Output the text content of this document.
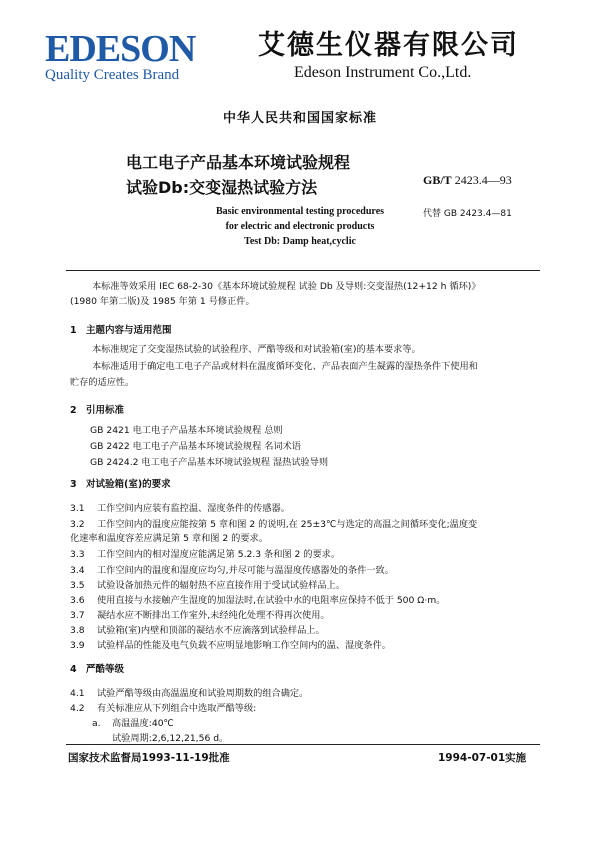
EDESON
Quality Creates Brand
艾德生仪器有限公司
Edeson Instrument Co.,Ltd.
中华人民共和国国家标准
电工电子产品基本环境试验规程
试验Db:交变湿热试验方法	GB/T 2423.4—93
Basic environmental testing procedures
for electric and electronic products
Test Db: Damp heat,cyclic
代替 GB 2423.4—81
本标准等效采用 IEC 68-2-30《基本环境试验规程 试验 Db 及导则:交变湿热(12+12 h 循环)》
(1980 年第二版)及 1985 年第 1 号修正件。
1 主题内容与适用范围
本标准规定了交变湿热试验的试验程序、严酷等级和对试验箱(室)的基本要求等。
本标准适用于确定电工电子产品或材料在温度循环变化、产品表面产生凝露的湿热条件下使用和
贮存的适应性。
2 引用标准
GB 2421 电工电子产品基本环境试验规程 总则
GB 2422 电工电子产品基本环境试验规程 名词术语
GB 2424.2 电工电子产品基本环境试验规程 湿热试验导则
3 对试验箱(室)的要求
3.1 工作空间内应装有监控温、湿度条件的传感器。
3.2 工作空间内的温度应能按第 5 章和图 2 的说明,在 25±3℃与选定的高温之间循环变化;温度变
化速率和温度容差应满足第 5 章和图 2 的要求。
3.3 工作空间内的相对湿度应能满足第 5.2.3 条和图 2 的要求。
3.4 工作空间内的温度和湿度应均匀,并尽可能与温湿度传感器处的条件一致。
3.5 试验设备加热元件的辐射热不应直接作用于受试试验样品上。
3.6 使用直接与水接触产生湿度的加湿法时,在试验中水的电阻率应保持不低于 500 Ω·m。
3.7 凝结水应不断排出工作室外,未经纯化处理不得再次使用。
3.8 试验箱(室)内壁和顶部的凝结水不应滴落到试验样品上。
3.9 试验样品的性能及电气负载不应明显地影响工作空间内的温、湿度条件。
4 严酷等级
4.1 试验严酷等级由高温温度和试验周期数的组合确定。
4.2 有关标准应从下列组合中选取严酷等级:
a. 高温温度:40℃
试验周期:2,6,12,21,56 d。
国家技术监督局1993-11-19批准	1994-07-01实施
